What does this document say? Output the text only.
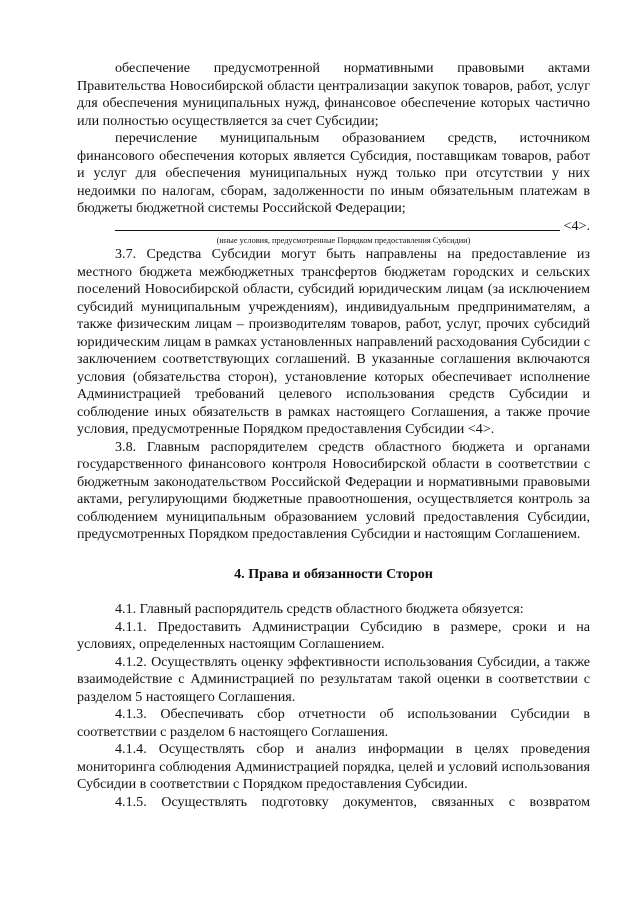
обеспечение предусмотренной нормативными правовыми актами Правительства Новосибирской области централизации закупок товаров, работ, услуг для обеспечения муниципальных нужд, финансовое обеспечение которых частично или полностью осуществляется за счет Субсидии;

перечисление муниципальным образованием средств, источником финансового обеспечения которых является Субсидия, поставщикам товаров, работ и услуг для обеспечения муниципальных нужд только при отсутствии у них недоимки по налогам, сборам, задолженности по иным обязательным платежам в бюджеты бюджетной системы Российской Федерации;

<4>.

(иные условия, предусмотренные Порядком предоставления Субсидии)

3.7. Средства Субсидии могут быть направлены на предоставление из местного бюджета межбюджетных трансфертов бюджетам городских и сельских поселений Новосибирской области, субсидий юридическим лицам (за исключением субсидий муниципальным учреждениям), индивидуальным предпринимателям, а также физическим лицам – производителям товаров, работ, услуг, прочих субсидий юридическим лицам в рамках установленных направлений расходования Субсидии с заключением соответствующих соглашений. В указанные соглашения включаются условия (обязательства сторон), установление которых обеспечивает исполнение Администрацией требований целевого использования средств Субсидии и соблюдение иных обязательств в рамках настоящего Соглашения, а также прочие условия, предусмотренные Порядком предоставления Субсидии <4>.

3.8. Главным распорядителем средств областного бюджета и органами государственного финансового контроля Новосибирской области в соответствии с бюджетным законодательством Российской Федерации и нормативными правовыми актами, регулирующими бюджетные правоотношения, осуществляется контроль за соблюдением муниципальным образованием условий предоставления Субсидии, предусмотренных Порядком предоставления Субсидии и настоящим Соглашением.

4. Права и обязанности Сторон

4.1. Главный распорядитель средств областного бюджета обязуется:

4.1.1. Предоставить Администрации Субсидию в размере, сроки и на условиях, определенных настоящим Соглашением.

4.1.2. Осуществлять оценку эффективности использования Субсидии, а также взаимодействие с Администрацией по результатам такой оценки в соответствии с разделом 5 настоящего Соглашения.

4.1.3. Обеспечивать сбор отчетности об использовании Субсидии в соответствии с разделом 6 настоящего Соглашения.

4.1.4. Осуществлять сбор и анализ информации в целях проведения мониторинга соблюдения Администрацией порядка, целей и условий использования Субсидии в соответствии с Порядком предоставления Субсидии.

4.1.5. Осуществлять подготовку документов, связанных с возвратом
